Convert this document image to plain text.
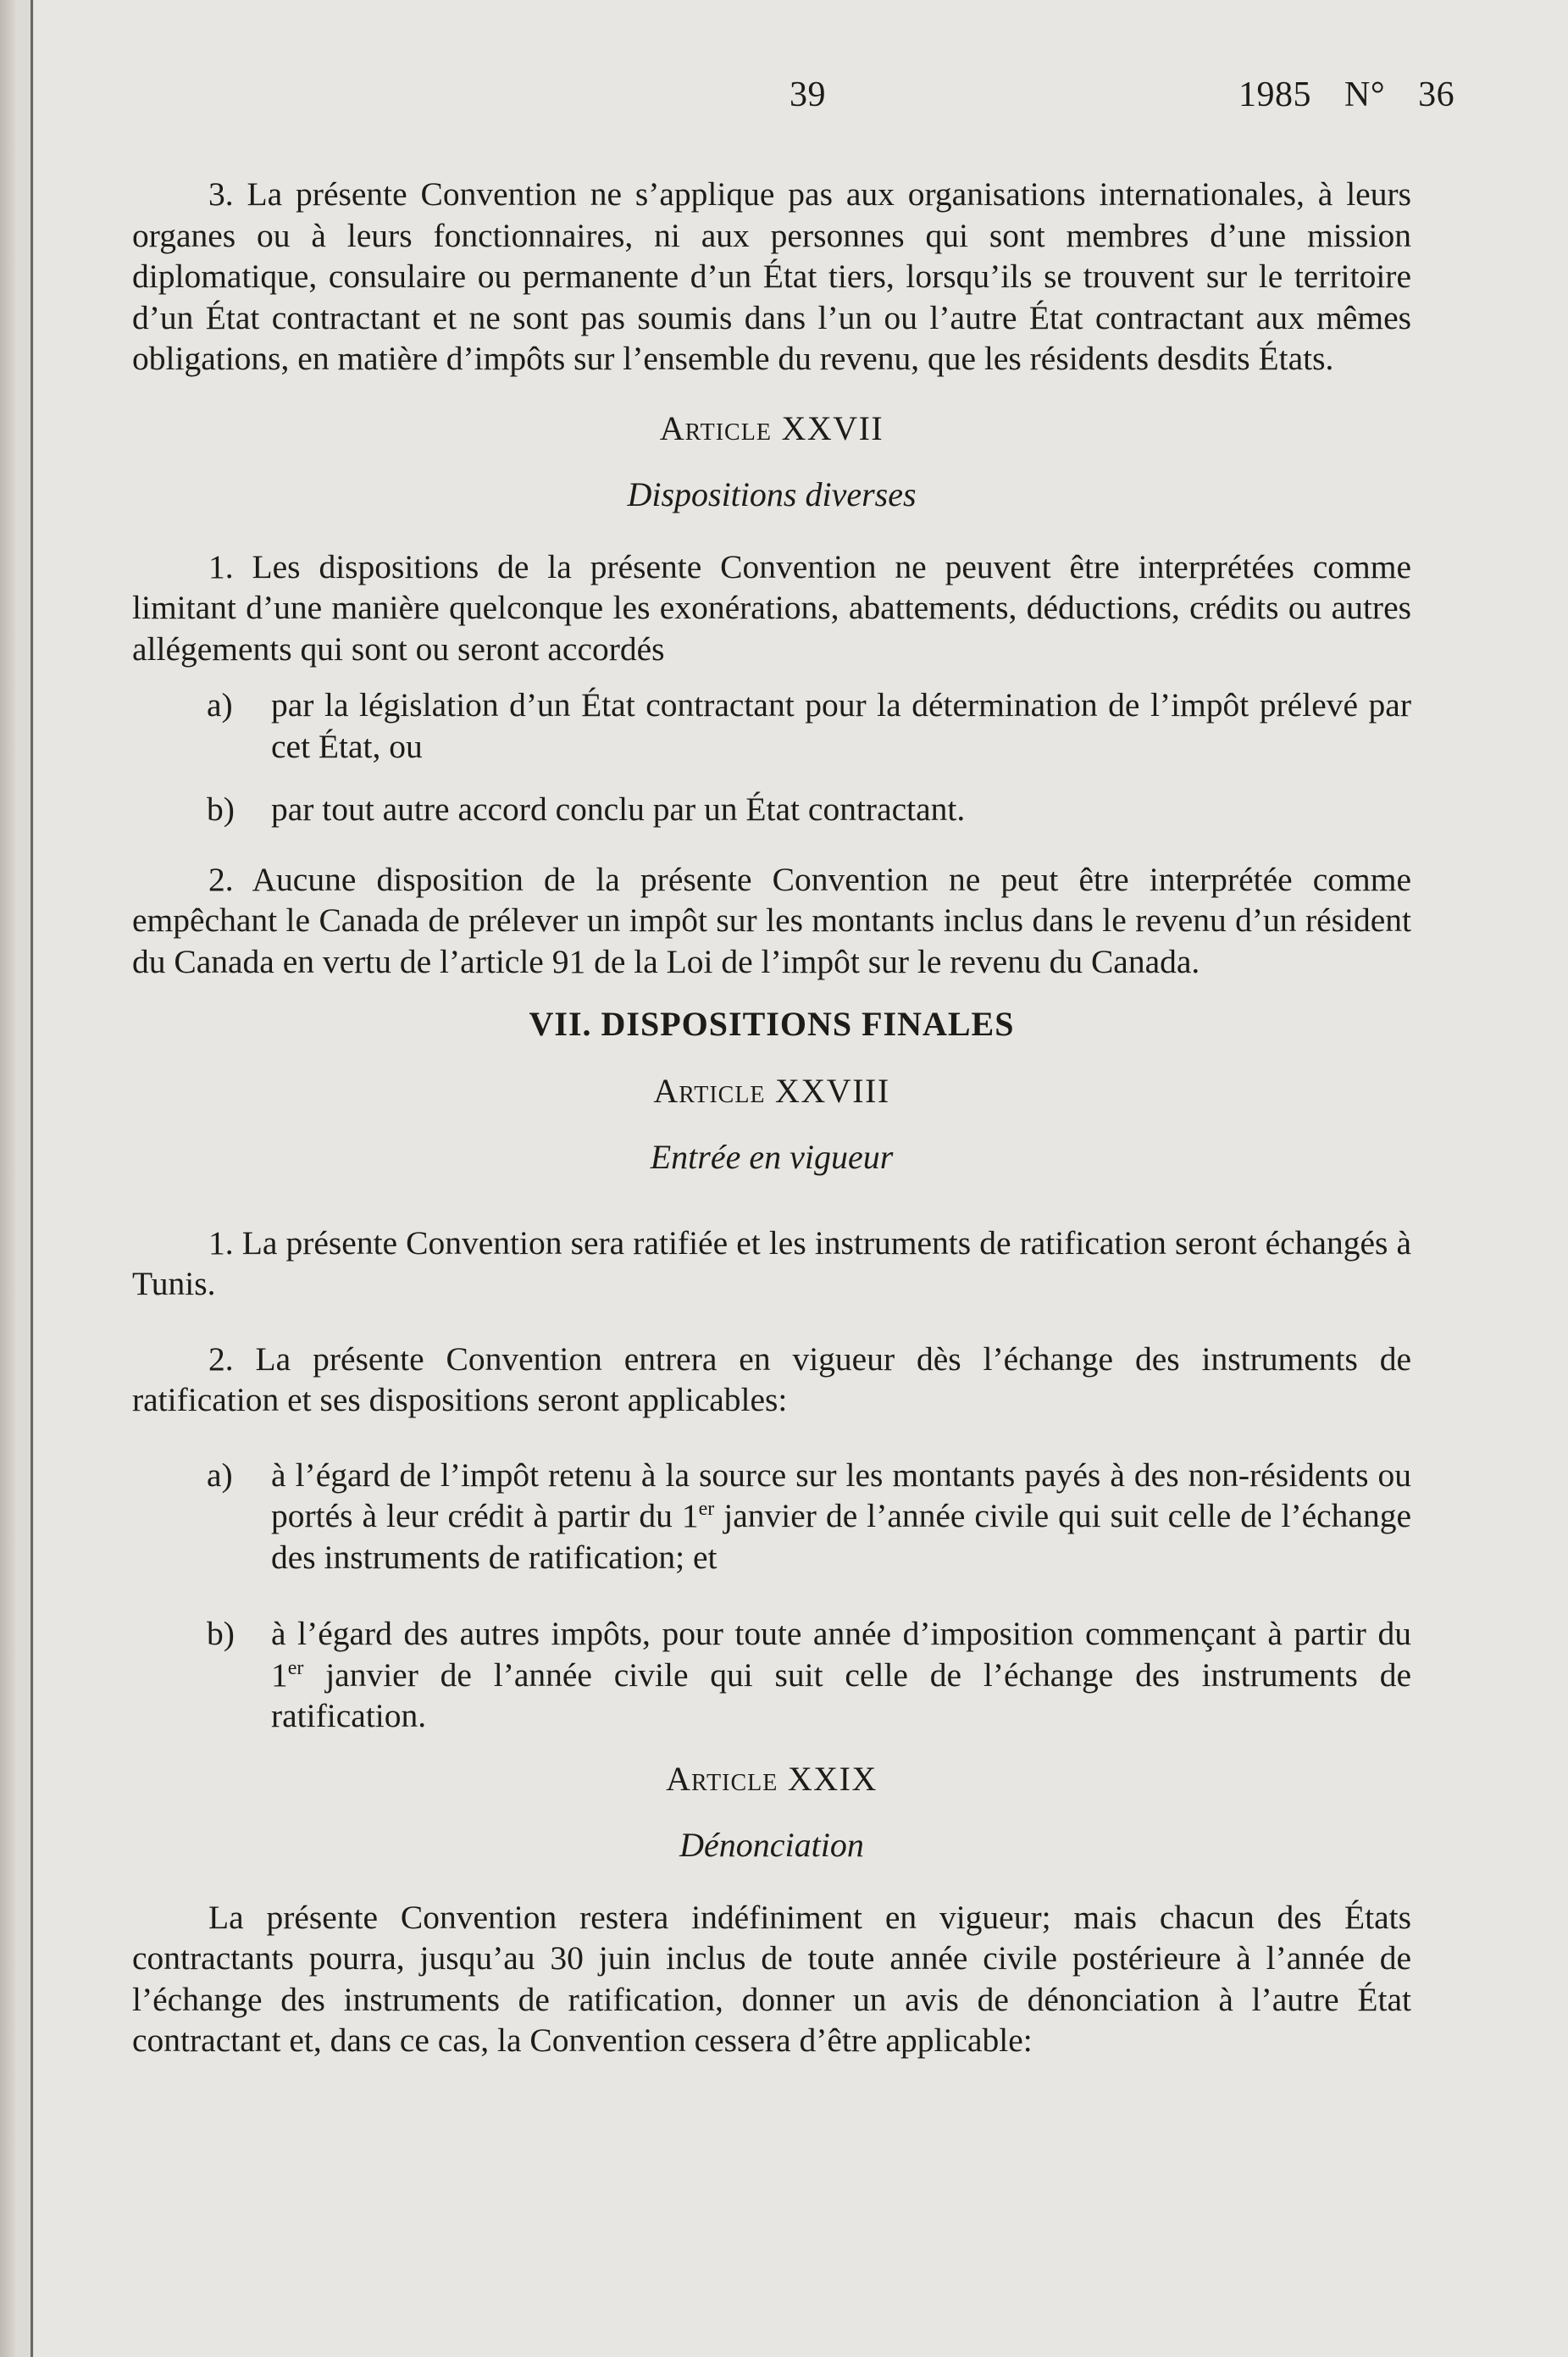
39	1985 N° 36

3. La présente Convention ne s’applique pas aux organisations internationales, à leurs organes ou à leurs fonctionnaires, ni aux personnes qui sont membres d’une mission diplomatique, consulaire ou permanente d’un État tiers, lorsqu’ils se trouvent sur le territoire d’un État contractant et ne sont pas soumis dans l’un ou l’autre État contractant aux mêmes obligations, en matière d’impôts sur l’ensemble du revenu, que les résidents desdits États.

Article XXVII
Dispositions diverses

1. Les dispositions de la présente Convention ne peuvent être interprétées comme limitant d’une manière quelconque les exonérations, abattements, déductions, crédits ou autres allégements qui sont ou seront accordés

a)	par la législation d’un État contractant pour la détermination de l’impôt prélevé par cet État, ou
b)	par tout autre accord conclu par un État contractant.

2. Aucune disposition de la présente Convention ne peut être interprétée comme empêchant le Canada de prélever un impôt sur les montants inclus dans le revenu d’un résident du Canada en vertu de l’article 91 de la Loi de l’impôt sur le revenu du Canada.

VII. DISPOSITIONS FINALES
Article XXVIII
Entrée en vigueur

1. La présente Convention sera ratifiée et les instruments de ratification seront échangés à Tunis.

2. La présente Convention entrera en vigueur dès l’échange des instruments de ratification et ses dispositions seront applicables:

a)	à l’égard de l’impôt retenu à la source sur les montants payés à des non-résidents ou portés à leur crédit à partir du 1er janvier de l’année civile qui suit celle de l’échange des instruments de ratification; et
b)	à l’égard des autres impôts, pour toute année d’imposition commençant à partir du 1er janvier de l’année civile qui suit celle de l’échange des instruments de ratification.
Article XXIX
Dénonciation

La présente Convention restera indéfiniment en vigueur; mais chacun des États contractants pourra, jusqu’au 30 juin inclus de toute année civile postérieure à l’année de l’échange des instruments de ratification, donner un avis de dénonciation à l’autre État contractant et, dans ce cas, la Convention cessera d’être applicable:
